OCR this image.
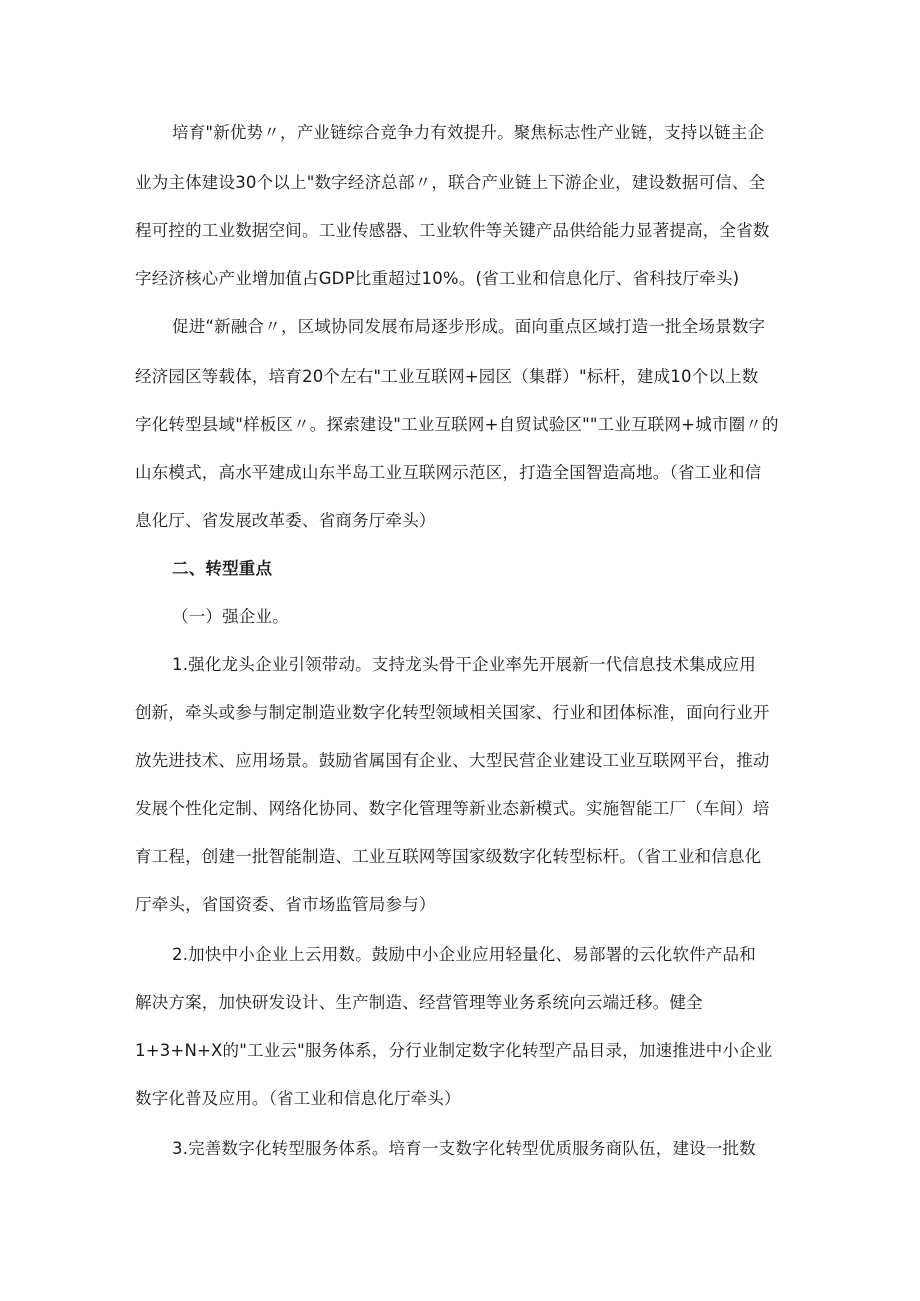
培育"新优势〃，产业链综合竞争力有效提升。聚焦标志性产业链，支持以链主企
业为主体建设30个以上"数字经济总部〃，联合产业链上下游企业，建设数据可信、全
程可控的工业数据空间。工业传感器、工业软件等关键产品供给能力显著提高，全省数
字经济核心产业增加值占GDP比重超过10%。(省工业和信息化厅、省科技厅牵头)
促进“新融合〃，区域协同发展布局逐步形成。面向重点区域打造一批全场景数字
经济园区等载体，培育20个左右"工业互联网+园区（集群）"标杆，建成10个以上数
字化转型县域"样板区〃。探索建设"工业互联网+自贸试验区""工业互联网+城市圈〃的
山东模式，高水平建成山东半岛工业互联网示范区，打造全国智造高地。（省工业和信
息化厅、省发展改革委、省商务厅牵头）
二、转型重点
（一）强企业。
1.强化龙头企业引领带动。支持龙头骨干企业率先开展新一代信息技术集成应用
创新，牵头或参与制定制造业数字化转型领域相关国家、行业和团体标准，面向行业开
放先进技术、应用场景。鼓励省属国有企业、大型民营企业建设工业互联网平台，推动
发展个性化定制、网络化协同、数字化管理等新业态新模式。实施智能工厂（车间）培
育工程，创建一批智能制造、工业互联网等国家级数字化转型标杆。（省工业和信息化
厅牵头，省国资委、省市场监管局参与）
2.加快中小企业上云用数。鼓励中小企业应用轻量化、易部署的云化软件产品和
解决方案，加快研发设计、生产制造、经营管理等业务系统向云端迁移。健全
1+3+N+X的"工业云"服务体系，分行业制定数字化转型产品目录，加速推进中小企业
数字化普及应用。（省工业和信息化厅牵头）
3.完善数字化转型服务体系。培育一支数字化转型优质服务商队伍，建设一批数
